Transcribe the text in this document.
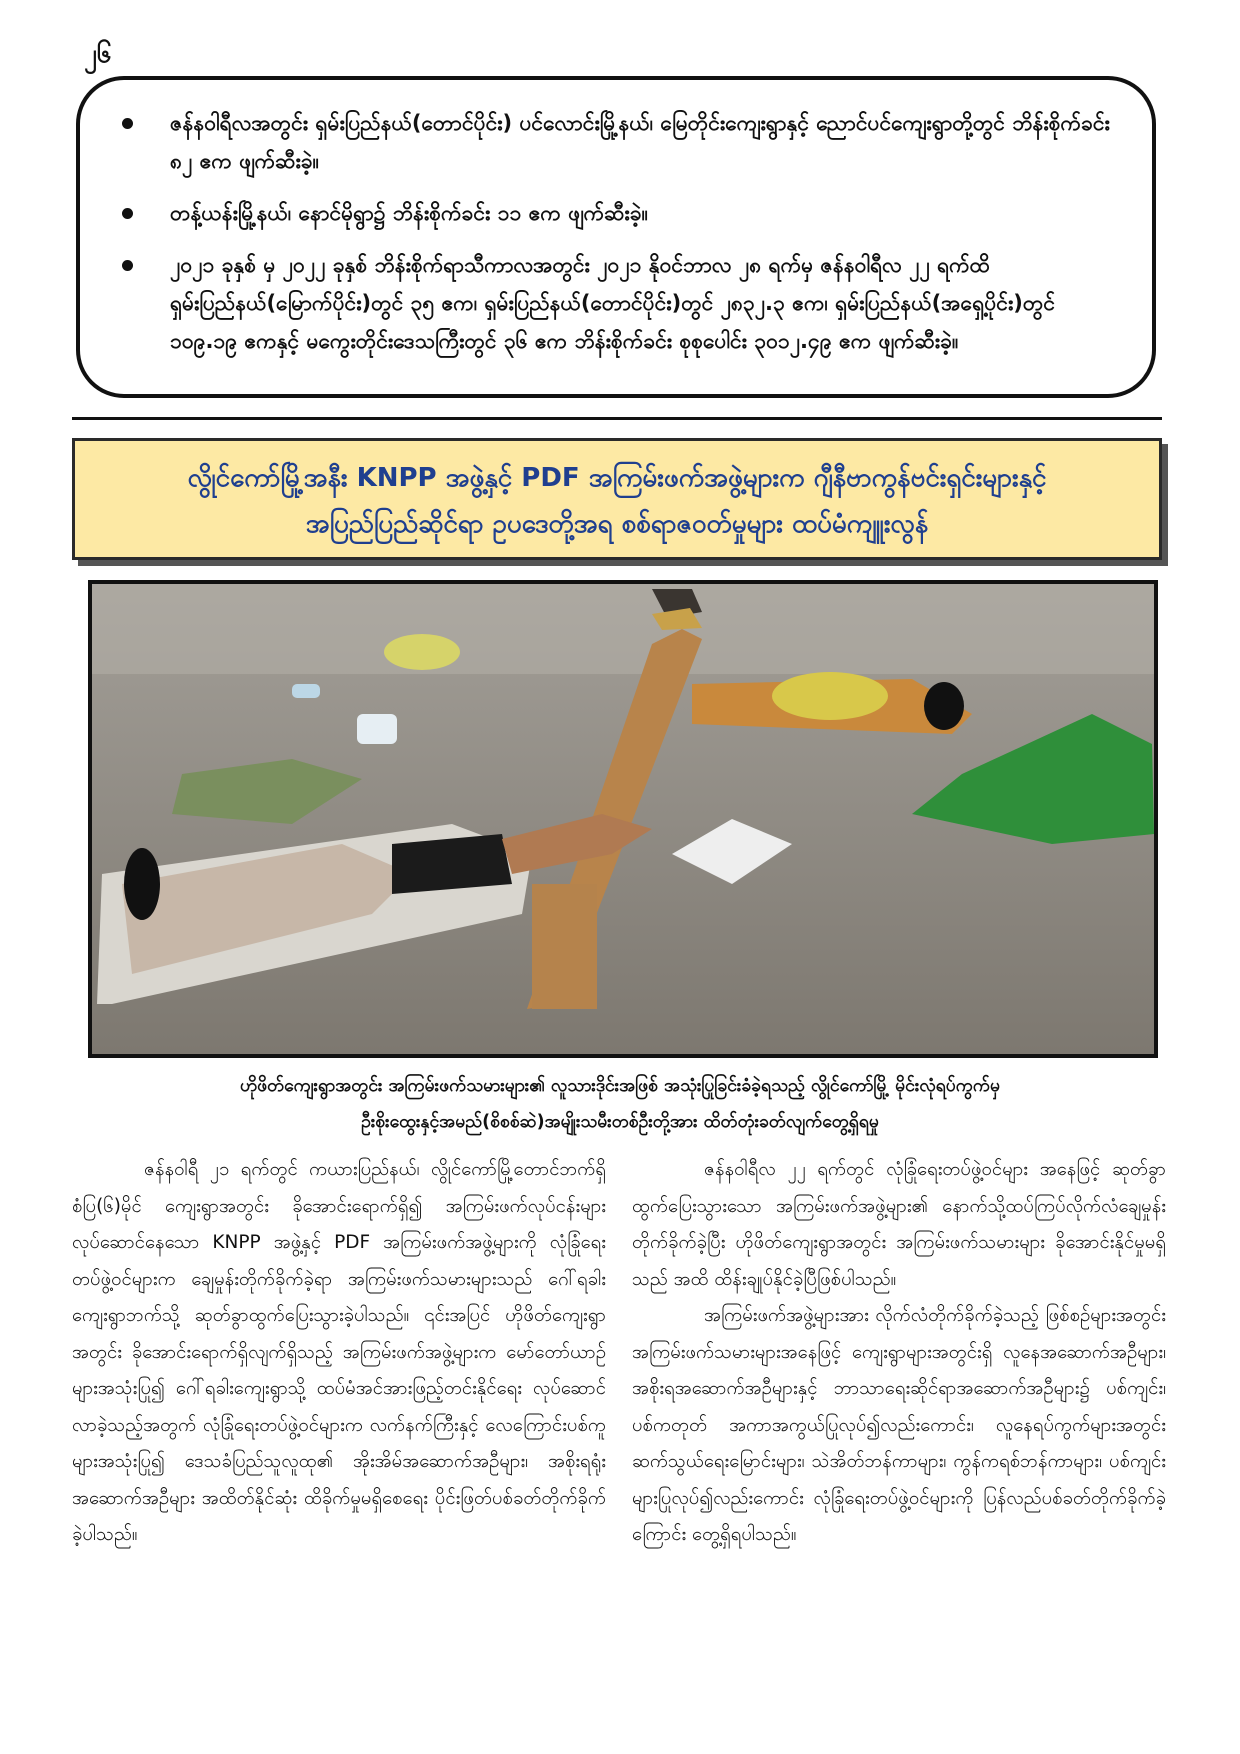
၂၆
ဇန်နဝါရီလအတွင်း ရှမ်းပြည်နယ်(တောင်ပိုင်း) ပင်လောင်းမြို့နယ်၊ မြေတိုင်းကျေးရွာနှင့် ညောင်ပင်ကျေးရွာတို့တွင် ဘိန်းစိုက်ခင်း ၈၂ ဧက ဖျက်ဆီးခဲ့။
တန့်ယန်းမြို့နယ်၊ နောင်မိုရွာ၌ ဘိန်းစိုက်ခင်း ၁၁ ဧက ဖျက်ဆီးခဲ့။
၂၀၂၁ ခုနှစ် မှ ၂၀၂၂ ခုနှစ် ဘိန်းစိုက်ရာသီကာလအတွင်း ၂၀၂၁ နိုဝင်ဘာလ ၂၈ ရက်မှ ဇန်နဝါရီလ ၂၂ ရက်ထိ ရှမ်းပြည်နယ်(မြောက်ပိုင်း)တွင် ၃၅ ဧက၊ ရှမ်းပြည်နယ်(တောင်ပိုင်း)တွင် ၂၈၃၂.၃ ဧက၊ ရှမ်းပြည်နယ်(အရှေ့ပိုင်း)တွင် ၁၀၉.၁၉ ဧကနှင့် မကွေးတိုင်းဒေသကြီးတွင် ၃၆ ဧက ဘိန်းစိုက်ခင်း စုစုပေါင်း ၃၀၁၂.၄၉ ဧက ဖျက်ဆီးခဲ့။
လွိုင်ကော်မြို့အနီး KNPP အဖွဲ့နှင့် PDF အကြမ်းဖက်အဖွဲ့များက ဂျီနီဗာကွန်ဗင်းရှင်းများနှင့်
အပြည်ပြည်ဆိုင်ရာ ဥပဒေတို့အရ စစ်ရာဇဝတ်မှုများ ထပ်မံကျူးလွန်
ဟိုဖိတ်ကျေးရွာအတွင်း အကြမ်းဖက်သမားများ၏ လူသားဒိုင်းအဖြစ် အသုံးပြုခြင်းခံခဲ့ရသည့် လွိုင်ကော်မြို့ မိုင်းလုံရပ်ကွက်မှ
ဦးစိုးထွေးနှင့်အမည်(စိစစ်ဆဲ)အမျိုးသမီးတစ်ဦးတို့အား ထိတ်တုံးခတ်လျက်တွေ့ရှိရမှု

ဇန်နဝါရီ ၂၁ ရက်တွင် ကယားပြည်နယ်၊ လွိုင်ကော်မြို့တောင်ဘက်ရှိ စံပြ(၆)မိုင် ကျေးရွာအတွင်း ခိုအောင်းရောက်ရှိ၍ အကြမ်းဖက်လုပ်ငန်းများ လုပ်ဆောင်နေသော KNPP အဖွဲ့နှင့် PDF အကြမ်းဖက်အဖွဲ့များကို လုံခြုံရေးတပ်ဖွဲ့ဝင်များက ချေမှုန်းတိုက်ခိုက်ခဲ့ရာ အကြမ်းဖက်သမားများသည် ဂေါ်ရခါးကျေးရွာဘက်သို့ ဆုတ်ခွာထွက်ပြေးသွားခဲ့ပါသည်။ ၎င်းအပြင် ဟိုဖိတ်ကျေးရွာအတွင်း ခိုအောင်းရောက်ရှိလျက်ရှိသည့် အကြမ်းဖက်အဖွဲ့များက မော်တော်ယာဉ်များအသုံးပြု၍ ဂေါ်ရခါးကျေးရွာသို့ ထပ်မံအင်အားဖြည့်တင်းနိုင်ရေး လုပ်ဆောင်လာခဲ့သည့်အတွက် လုံခြုံရေးတပ်ဖွဲ့ဝင်များက လက်နက်ကြီးနှင့် လေကြောင်းပစ်ကူများအသုံးပြု၍ ဒေသခံပြည်သူလူထု၏ အိုးအိမ်အဆောက်အဦများ၊ အစိုးရရုံးအဆောက်အဦများ အထိတ်နိုင်ဆုံး ထိခိုက်မှုမရှိစေရေး ပိုင်းဖြတ်ပစ်ခတ်တိုက်ခိုက်ခဲ့ပါသည်။

ဇန်နဝါရီလ ၂၂ ရက်တွင် လုံခြုံရေးတပ်ဖွဲ့ဝင်များ အနေဖြင့် ဆုတ်ခွာထွက်ပြေးသွားသော အကြမ်းဖက်အဖွဲ့များ၏ နောက်သို့ထပ်ကြပ်လိုက်လံချေမှုန်းတိုက်ခိုက်ခဲ့ပြီး ဟိုဖိတ်ကျေးရွာအတွင်း အကြမ်းဖက်သမားများ ခိုအောင်းနိုင်မှုမရှိသည် အထိ ထိန်းချုပ်နိုင်ခဲ့ပြီဖြစ်ပါသည်။

အကြမ်းဖက်အဖွဲ့များအား လိုက်လံတိုက်ခိုက်ခဲ့သည့် ဖြစ်စဉ်များအတွင်း အကြမ်းဖက်သမားများအနေဖြင့် ကျေးရွာများအတွင်းရှိ လူနေအဆောက်အဦများ၊ အစိုးရအဆောက်အဦများနှင့် ဘာသာရေးဆိုင်ရာအဆောက်အဦများ၌ ပစ်ကျင်း၊ ပစ်ကတုတ် အကာအကွယ်ပြုလုပ်၍လည်းကောင်း၊ လူနေရပ်ကွက်များအတွင်း ဆက်သွယ်ရေးမြောင်းများ၊ သဲအိတ်ဘန်ကာများ၊ ကွန်ကရစ်ဘန်ကာများ၊ ပစ်ကျင်းများပြုလုပ်၍လည်းကောင်း လုံခြုံရေးတပ်ဖွဲ့ဝင်များကို ပြန်လည်ပစ်ခတ်တိုက်ခိုက်ခဲ့ကြောင်း တွေ့ရှိရပါသည်။
